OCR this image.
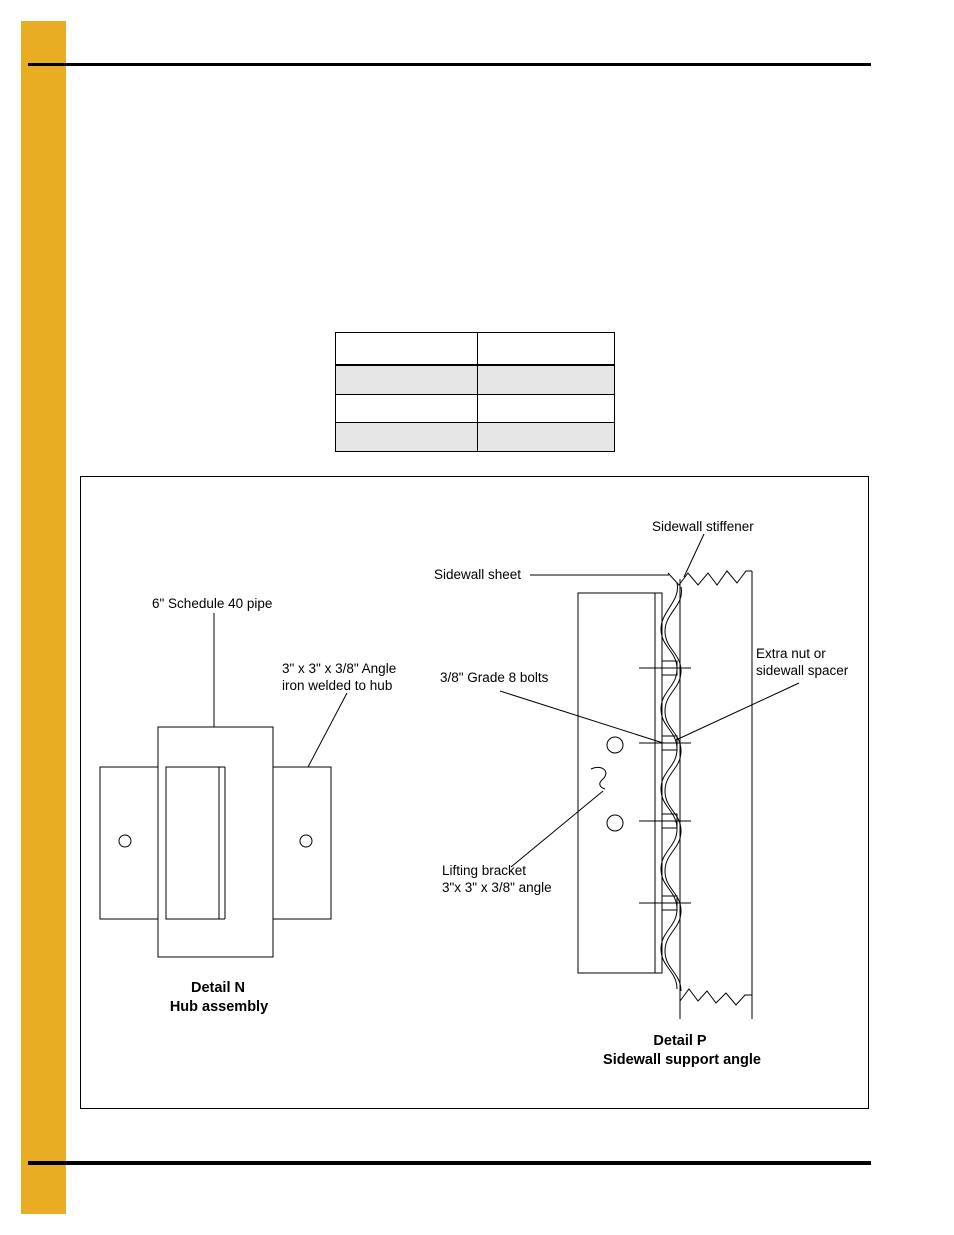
6" Schedule 40 pipe
3" x 3" x 3/8" Angle
iron welded to hub
Detail N
Hub assembly
Sidewall stiffener
Sidewall sheet
Extra nut or
sidewall spacer
3/8" Grade 8 bolts
Lifting bracket
3"x 3" x 3/8" angle
Detail P
Sidewall support angle
